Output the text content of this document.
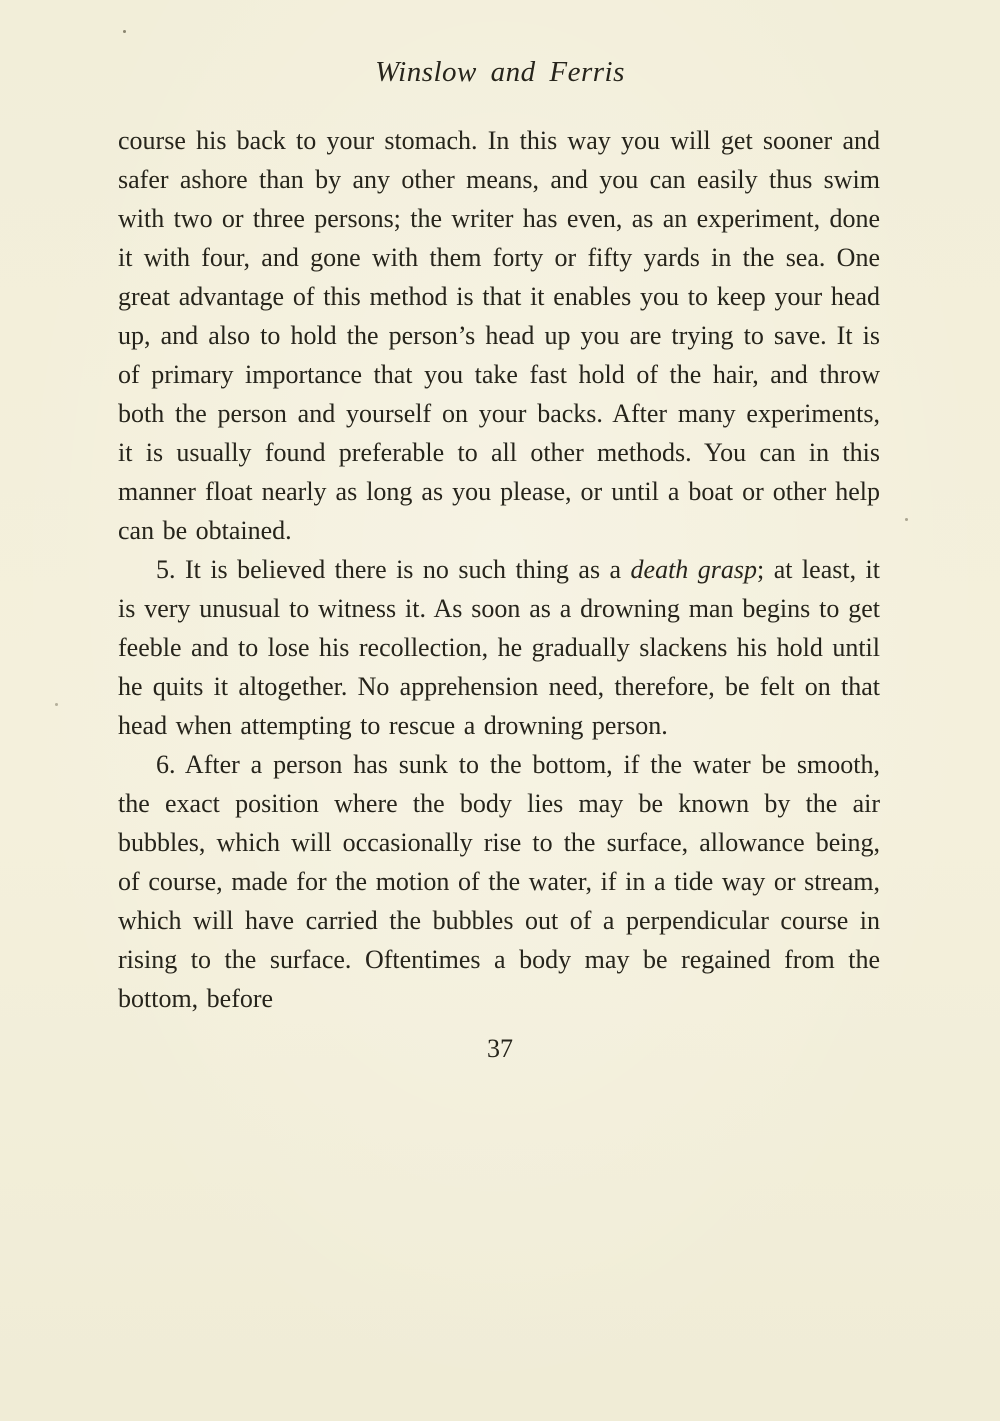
Winslow and Ferris

course his back to your stomach. In this way you will get sooner and safer ashore than by any other means, and you can easily thus swim with two or three persons; the writer has even, as an experiment, done it with four, and gone with them forty or fifty yards in the sea. One great advantage of this method is that it enables you to keep your head up, and also to hold the person’s head up you are trying to save. It is of primary importance that you take fast hold of the hair, and throw both the person and yourself on your backs. After many experiments, it is usually found preferable to all other methods. You can in this manner float nearly as long as you please, or until a boat or other help can be obtained.

5. It is believed there is no such thing as a death grasp; at least, it is very unusual to witness it. As soon as a drowning man begins to get feeble and to lose his recollection, he gradually slackens his hold until he quits it altogether. No apprehension need, therefore, be felt on that head when attempting to rescue a drowning person.

6. After a person has sunk to the bottom, if the water be smooth, the exact position where the body lies may be known by the air bubbles, which will occasionally rise to the surface, allowance being, of course, made for the motion of the water, if in a tide way or stream, which will have carried the bubbles out of a perpendicular course in rising to the surface. Oftentimes a body may be regained from the bottom, before

37
